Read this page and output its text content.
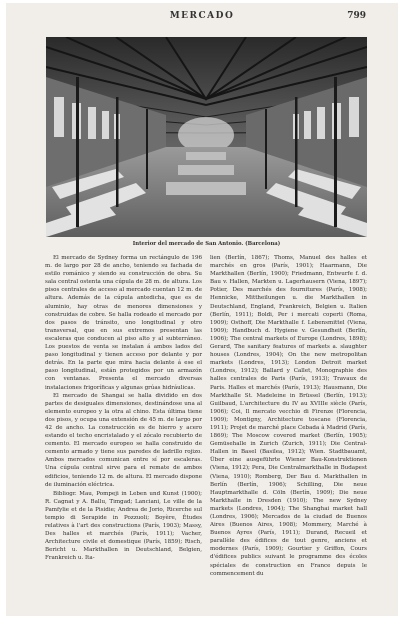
MERCADO	799
Interior del mercado de San Antonio. (Barcelona)

El mercado de Sydney forma un rectángulo de 196 m. de largo por 28 de ancho, teniendo su fachada de estilo románico y siendo su construcción de obra. Su sala central ostenta una cúpula de 28 m. de altura. Los pisos centrales de acceso al mercado cuentan 12 m. de altura. Además de la cúpula antedicha, que es de aluminio, hay otras de menores dimensiones y construidas de cobre. Se halla rodeado el mercado por dos pasos de tránsito, uno longitudinal y otro transversal, que en sus extremos presentan las escaleras que conducen al piso alto y al subterráneo. Los puestos de venta se instalan á ambos lados del paso longitudinal y tienen acceso por delante y por detrás. En la parte que mira hacia delante á ese el paso longitudinal, están protegidos por un armazón con ventanas. Presenta el mercado diversas instalaciones frigoríficas y algunas grúas hidráulicas.

El mercado de Shangai se halla dividido en dos partes de desiguales dimensiones, destinándose una al elemento europeo y la otra al chino. Esta última tiene dos pisos, y ocupa una extensión de 45 m. de largo por 42 de ancho. La construcción es de hierro y acero estando el techo encristalado y el zócalo recubierto de cemento. El mercado europeo se halla construido de cemento armado y tiene sus paredes de ladrillo rojizo. Ambos mercados comunican entre sí por escaleras. Una cúpula central sirve para el remate de ambos edificios, teniendo 12 m. de altura. El mercado dispone de iluminación eléctrica.

Bibliogr. Mau, Pompeji in Leben und Kunst (1900); R. Cagnat y A. Ballu, Timgad; Lanciani, Le ville de la Pamfylie et de la Pisidie; Andrea de Jorio, Ricerche sul tempio di Serapide in Pozzuoli; Boyère, Études relatives à l'art des constructions (París, 1903); Massy, Des halles et marchés (París, 1911); Vacher, Architecture civile et domestique (París, 1859); Risch, Bericht u. Markthallen in Deutschland, Belgien, Frankreich u. Ita-

lien (Berlín, 1867); Thoms, Manuel des halles et marchés en gros (París, 1901); Haarmann, Die Markthallen (Berlín, 1900); Friedmann, Entwurfe f. d. Bau v. Hallen, Markten u. Lagerhausern (Viena, 1897); Potier, Des marchés des fournitures (París, 1908); Hennicke, Mittheilungen u. die Markthallen in Deutschland, England, Frankreich, Belgien u. Italien (Berlín, 1911); Boldi, Per i mercati coperti (Roma, 1909); Osthoff, Die Markthalle f. Lebensmittel (Viena, 1909); Handbuch d. Hygiene v. Gesundheit (Berlín, 1906); The central markets of Europe (Londres, 1898); Gerard, The sanitary features of markets a. slaughter houses (Londres, 1904); On the new metropolitan markets (Londres, 1913); London Detroit market (Londres, 1912); Ballard y Callet, Monographie des halles centrales de Paris (París, 1913); Travaux de Paris. Halles et marchés (París, 1913); Hausmann, Die Markthalle St. Madeleine in Brüssel (Berlín, 1913); Guilbaud, L'architecture du IV au XVIIIe siècle (París, 1906); Coi, Il mercato vecchio di Firenze (Florencia, 1909); Montigny, Architecture toscane (Florencia, 1911); Projet de marché place Cebada à Madrid (París, 1869); The Moscow covered market (Berlín, 1905); Gemüsehalle in Zurich (Zurich, 1911); Die Central-Hallen in Basel (Basilea, 1912); Wien. Stadtbauamt, Über eine ausgeführte Wiener Bau-Konstruktionen (Viena, 1912); Pera, Die Centralmarkthalle in Budapest (Viena, 1910); Romberg, Der Bau d. Markthallen in Berlín (Berlín, 1906); Schilling, Die neue Hauptmarkthalle d. Cöln (Berlín, 1909); Die neue Markthalle in Dresden (1910); The new Sydney markets (Londres, 1904); The Shanghai market hall (Londres, 1906); Mercados de la ciudad de Buenos Aires (Buenos Aires, 1908); Mommery, Marché à Buenos Ayres (París, 1911); Durand, Recueil et parallèle des édifices de tout genre, anciens et modernes (París, 1909); Gourtier y Griffon, Cours d'édifices publics suivant le programme des écoles spéciales de construction en France depuis le commencement du
